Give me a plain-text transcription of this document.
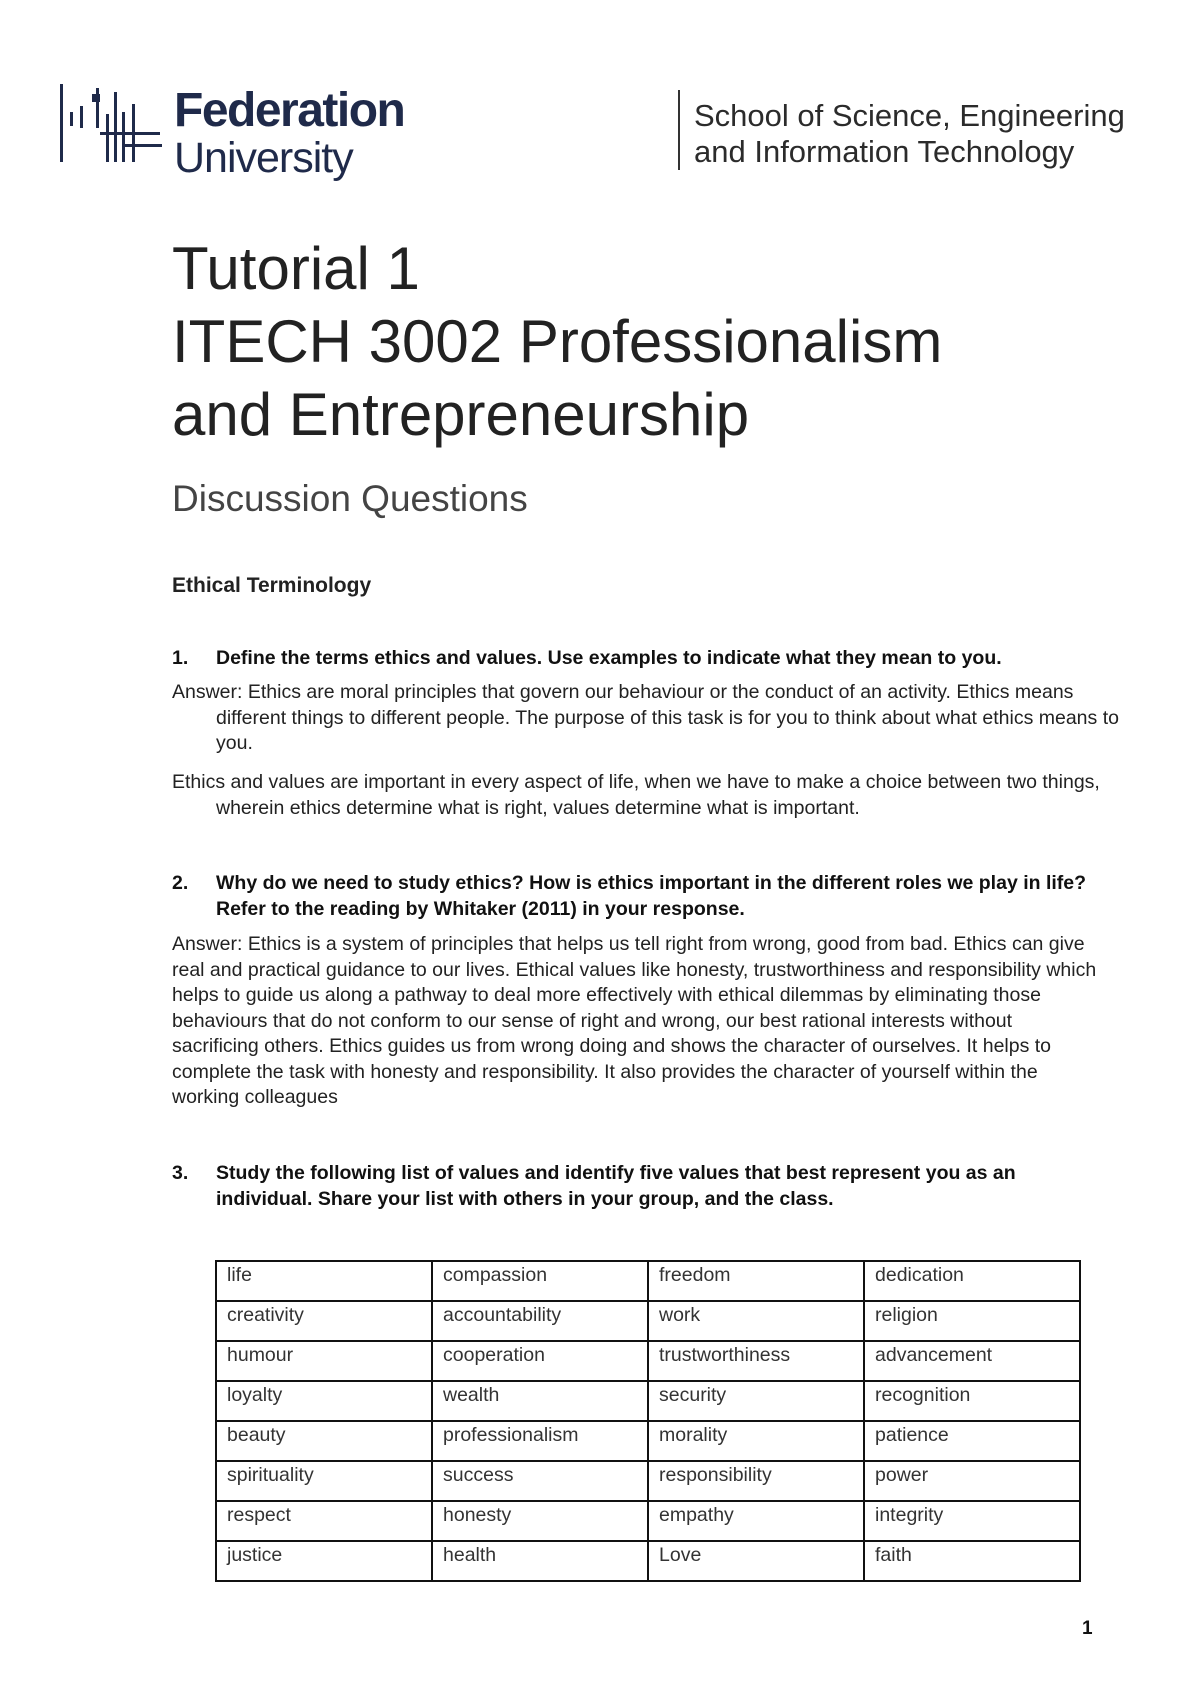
Federation
University
School of Science, Engineering
and Information Technology
Tutorial 1
ITECH 3002 Professionalism
and Entrepreneurship
Discussion Questions
Ethical Terminology
1.	Define the terms ethics and values. Use examples to indicate what they mean to you.
Answer: Ethics are moral principles that govern our behaviour or the conduct of an activity. Ethics means different things to different people. The purpose of this task is for you to think about what ethics means to you.
Ethics and values are important in every aspect of life, when we have to make a choice between two things, wherein ethics determine what is right, values determine what is important.
2.	Why do we need to study ethics? How is ethics important in the different roles we play in life? Refer to the reading by Whitaker (2011) in your response.
Answer: Ethics is a system of principles that helps us tell right from wrong, good from bad. Ethics can give real and practical guidance to our lives. Ethical values like honesty, trustworthiness and responsibility which helps to guide us along a pathway to deal more effectively with ethical dilemmas by eliminating those behaviours that do not conform to our sense of right and wrong, our best rational interests without sacrificing others. Ethics guides us from wrong doing and shows the character of ourselves. It helps to complete the task with honesty and responsibility. It also provides the character of yourself within the working colleagues
3.	Study the following list of values and identify five values that best represent you as an individual. Share your list with others in your group, and the class.
life	compassion	freedom	dedication
creativity	accountability	work	religion
humour	cooperation	trustworthiness	advancement
loyalty	wealth	security	recognition
beauty	professionalism	morality	patience
spirituality	success	responsibility	power
respect	honesty	empathy	integrity
justice	health	Love	faith
1
